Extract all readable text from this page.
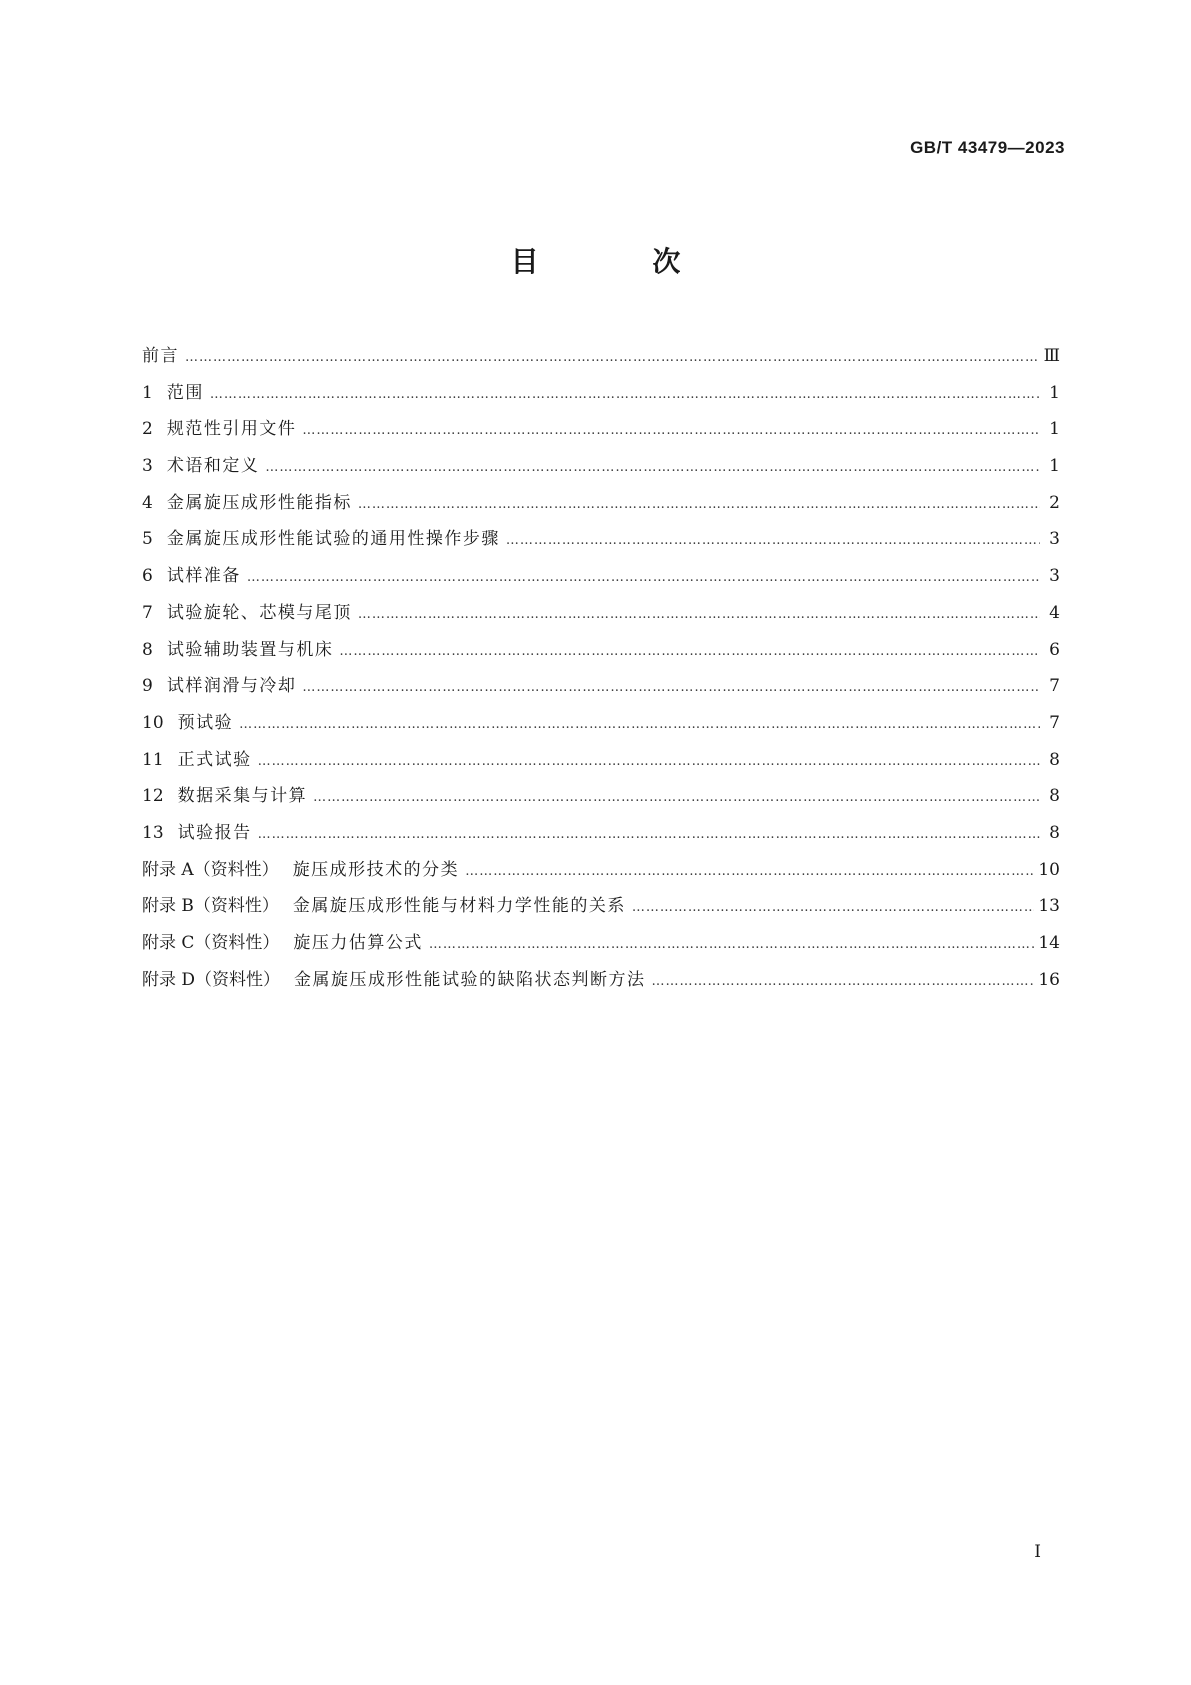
GB/T 43479—2023
目 次
前言 ……………………………………………………………………………………………………………………………………………………………………………………………………………………………	Ⅲ
1 范围 ……………………………………………………………………………………………………………………………………………………………………………………………………………………………	1
2 规范性引用文件 ……………………………………………………………………………………………………………………………………………………………………………………………………………………………	1
3 术语和定义 ……………………………………………………………………………………………………………………………………………………………………………………………………………………………	1
4 金属旋压成形性能指标 ……………………………………………………………………………………………………………………………………………………………………………………………………………………………	2
5 金属旋压成形性能试验的通用性操作步骤 ……………………………………………………………………………………………………………………………………………………………………………………………………………………………	3
6 试样准备 ……………………………………………………………………………………………………………………………………………………………………………………………………………………………	3
7 试验旋轮、芯模与尾顶 ……………………………………………………………………………………………………………………………………………………………………………………………………………………………	4
8 试验辅助装置与机床 ……………………………………………………………………………………………………………………………………………………………………………………………………………………………	6
9 试样润滑与冷却 ……………………………………………………………………………………………………………………………………………………………………………………………………………………………	7
10 预试验 ……………………………………………………………………………………………………………………………………………………………………………………………………………………………	7
11 正式试验 ……………………………………………………………………………………………………………………………………………………………………………………………………………………………	8
12 数据采集与计算 ……………………………………………………………………………………………………………………………………………………………………………………………………………………………	8
13 试验报告 ……………………………………………………………………………………………………………………………………………………………………………………………………………………………	8
附录 A（资料性） 旋压成形技术的分类 ……………………………………………………………………………………………………………………………………………………………………………………………………………………………	10
附录 B（资料性） 金属旋压成形性能与材料力学性能的关系 ……………………………………………………………………………………………………………………………………………………………………………………………………………………………	13
附录 C（资料性） 旋压力估算公式 ……………………………………………………………………………………………………………………………………………………………………………………………………………………………	14
附录 D（资料性） 金属旋压成形性能试验的缺陷状态判断方法 ……………………………………………………………………………………………………………………………………………………………………………………………………………………………	16
Ⅰ
